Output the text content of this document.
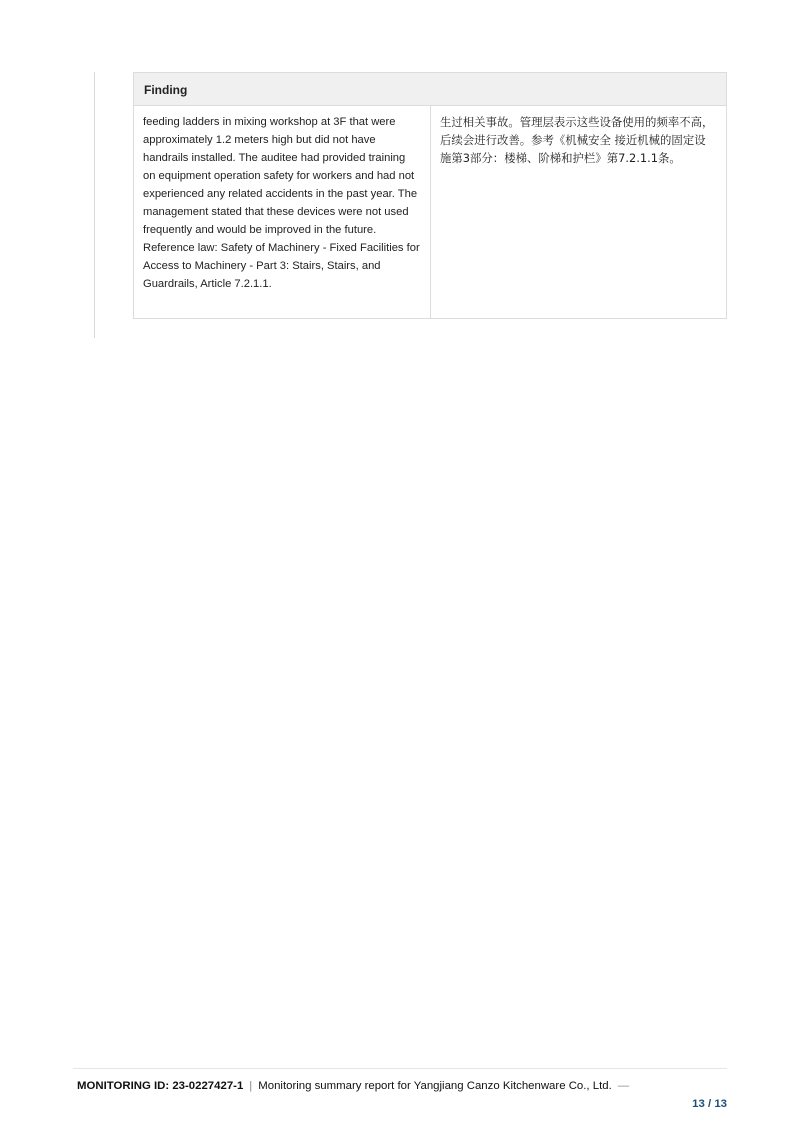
Finding
feeding ladders in mixing workshop at 3F that were approximately 1.2 meters high but did not have handrails installed. The auditee had provided training on equipment operation safety for workers and had not experienced any related accidents in the past year. The management stated that these devices were not used frequently and would be improved in the future. Reference law: Safety of Machinery - Fixed Facilities for Access to Machinery - Part 3: Stairs, Stairs, and Guardrails, Article 7.2.1.1.
生过相关事故。管理层表示这些设备使用的频率不高，后续会进行改善。参考《机械安全 接近机械的固定设施第3部分：楼梯、阶梯和护栏》第7.2.1.1条。
MONITORING ID: 23-0227427-1 | Monitoring summary report for Yangjiang Canzo Kitchenware Co., Ltd. —
13 / 13
